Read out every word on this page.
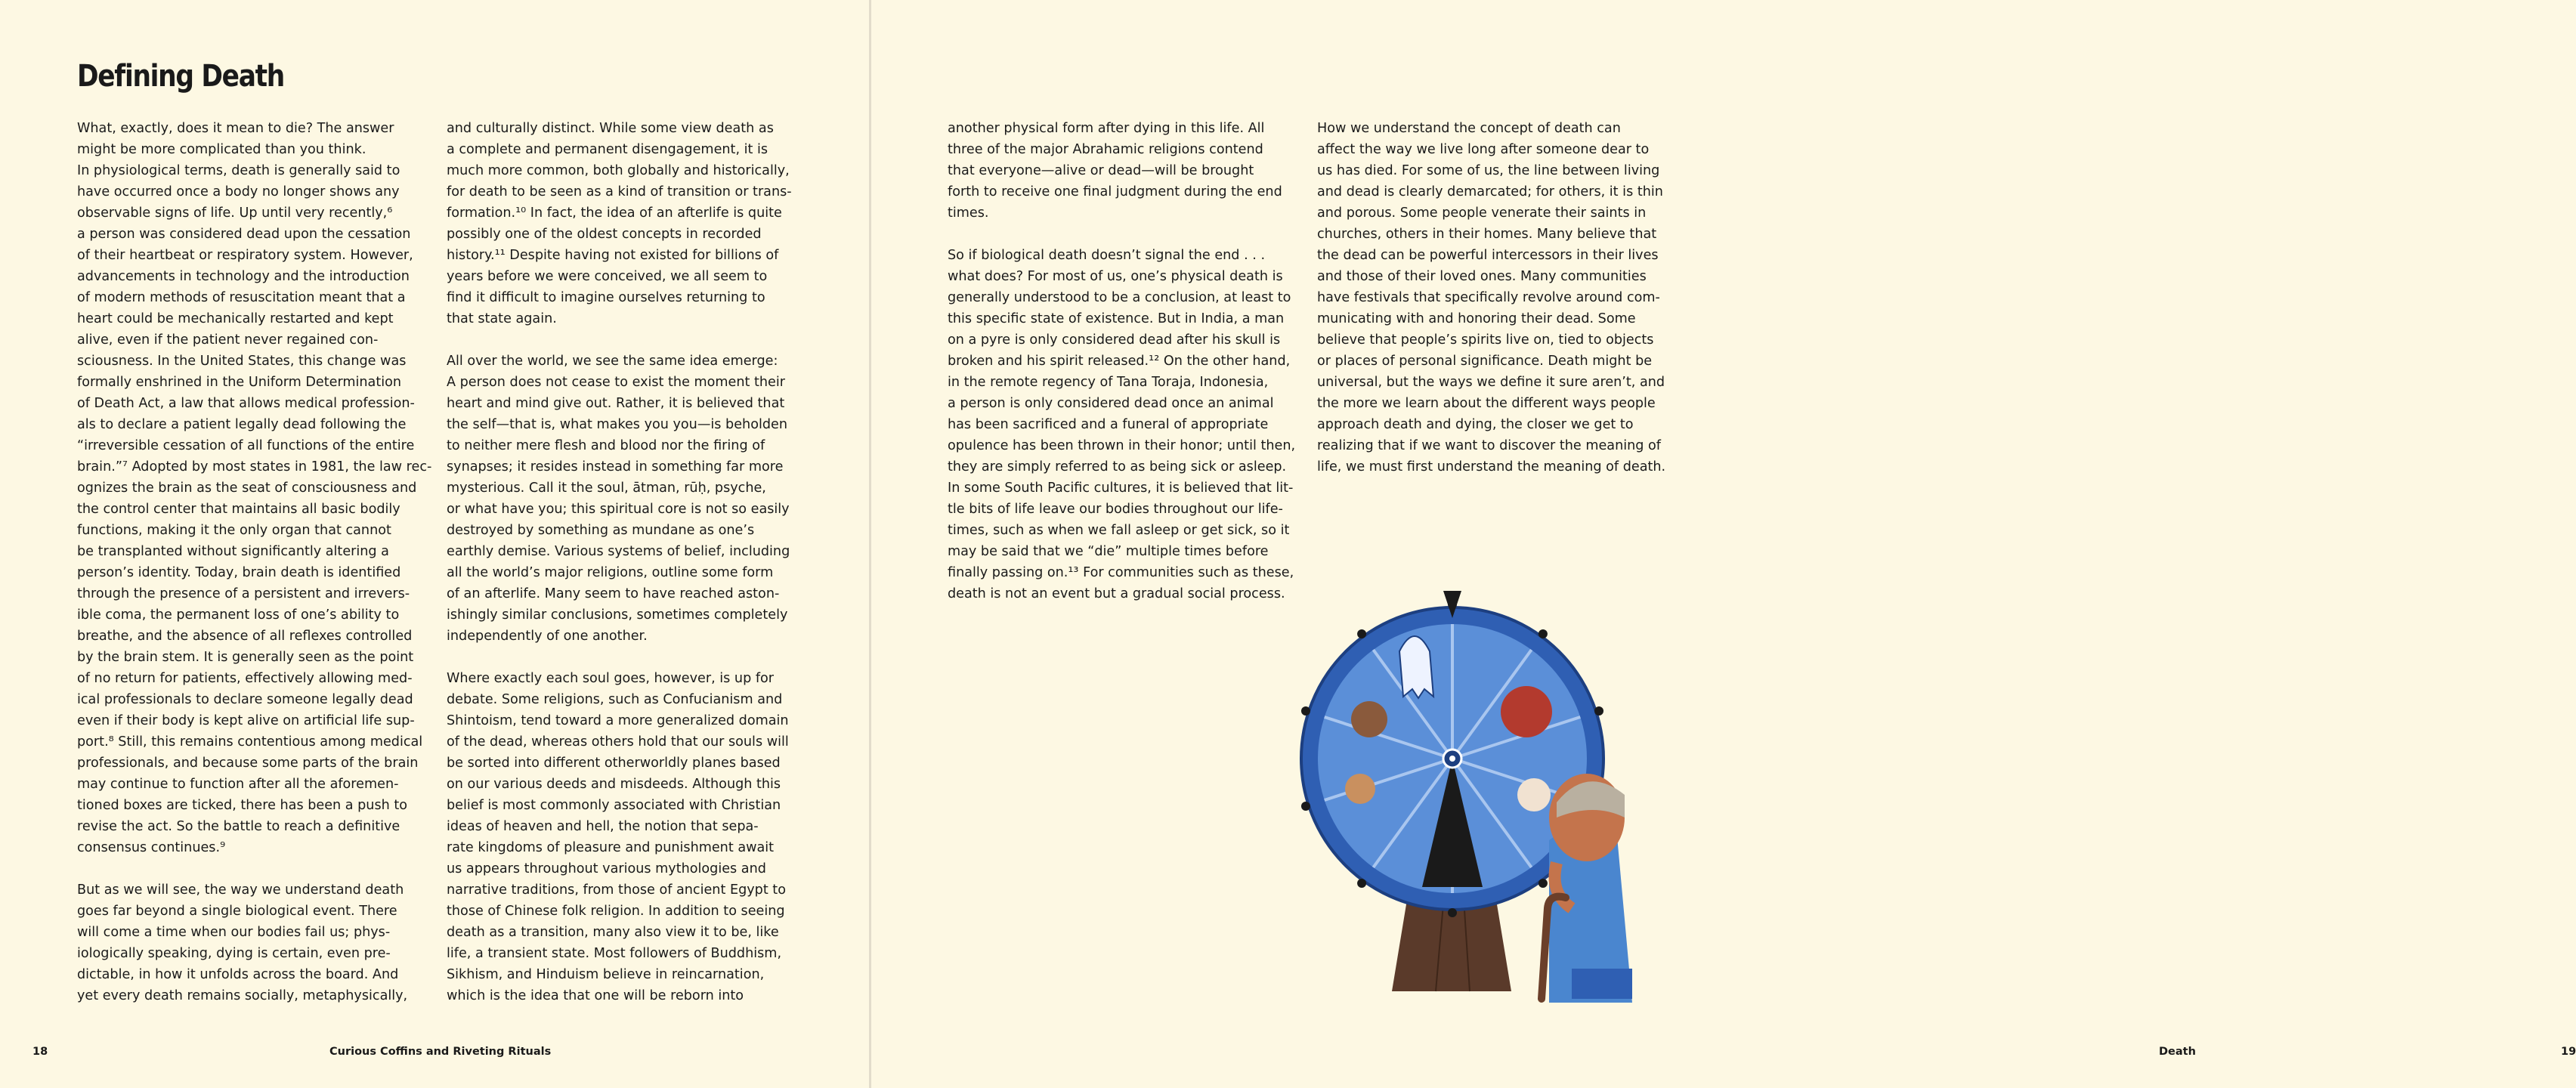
Defining Death

What, exactly, does it mean to die? The answer
might be more complicated than you think.
In physiological terms, death is generally said to
have occurred once a body no longer shows any
observable signs of life. Up until very recently,⁶
a person was considered dead upon the cessation
of their heartbeat or respiratory system. However,
advancements in technology and the introduction
of modern methods of resuscitation meant that a
heart could be mechanically restarted and kept
alive, even if the patient never regained con-
sciousness. In the United States, this change was
formally enshrined in the Uniform Determination
of Death Act, a law that allows medical profession-
als to declare a patient legally dead following the
“irreversible cessation of all functions of the entire
brain.”⁷ Adopted by most states in 1981, the law rec-
ognizes the brain as the seat of consciousness and
the control center that maintains all basic bodily
functions, making it the only organ that cannot
be transplanted without significantly altering a
person’s identity. Today, brain death is identified
through the presence of a persistent and irrevers-
ible coma, the permanent loss of one’s ability to
breathe, and the absence of all reflexes controlled
by the brain stem. It is generally seen as the point
of no return for patients, effectively allowing med-
ical professionals to declare someone legally dead
even if their body is kept alive on artificial life sup-
port.⁸ Still, this remains contentious among medical
professionals, and because some parts of the brain
may continue to function after all the aforemen-
tioned boxes are ticked, there has been a push to
revise the act. So the battle to reach a definitive
consensus continues.⁹

But as we will see, the way we understand death
goes far beyond a single biological event. There
will come a time when our bodies fail us; phys-
iologically speaking, dying is certain, even pre-
dictable, in how it unfolds across the board. And
yet every death remains socially, metaphysically,

and culturally distinct. While some view death as
a complete and permanent disengagement, it is
much more common, both globally and historically,
for death to be seen as a kind of transition or trans-
formation.¹⁰ In fact, the idea of an afterlife is quite
possibly one of the oldest concepts in recorded
history.¹¹ Despite having not existed for billions of
years before we were conceived, we all seem to
find it difficult to imagine ourselves returning to
that state again.

All over the world, we see the same idea emerge:
A person does not cease to exist the moment their
heart and mind give out. Rather, it is believed that
the self—that is, what makes you you—is beholden
to neither mere flesh and blood nor the firing of
synapses; it resides instead in something far more
mysterious. Call it the soul, ātman, rūḥ, psyche,
or what have you; this spiritual core is not so easily
destroyed by something as mundane as one’s
earthly demise. Various systems of belief, including
all the world’s major religions, outline some form
of an afterlife. Many seem to have reached aston-
ishingly similar conclusions, sometimes completely
independently of one another.

Where exactly each soul goes, however, is up for
debate. Some religions, such as Confucianism and
Shintoism, tend toward a more generalized domain
of the dead, whereas others hold that our souls will
be sorted into different otherworldly planes based
on our various deeds and misdeeds. Although this
belief is most commonly associated with Christian
ideas of heaven and hell, the notion that sepa-
rate kingdoms of pleasure and punishment await
us appears throughout various mythologies and
narrative traditions, from those of ancient Egypt to
those of Chinese folk religion. In addition to seeing
death as a transition, many also view it to be, like
life, a transient state. Most followers of Buddhism,
Sikhism, and Hinduism believe in reincarnation,
which is the idea that one will be reborn into

18	Curious Coffins and Riveting Rituals	Death	19

another physical form after dying in this life. All
three of the major Abrahamic religions contend
that everyone—alive or dead—will be brought
forth to receive one final judgment during the end
times.

So if biological death doesn’t signal the end . . .
what does? For most of us, one’s physical death is
generally understood to be a conclusion, at least to
this specific state of existence. But in India, a man
on a pyre is only considered dead after his skull is
broken and his spirit released.¹² On the other hand,
in the remote regency of Tana Toraja, Indonesia,
a person is only considered dead once an animal
has been sacrificed and a funeral of appropriate
opulence has been thrown in their honor; until then,
they are simply referred to as being sick or asleep.
In some South Pacific cultures, it is believed that lit-
tle bits of life leave our bodies throughout our life-
times, such as when we fall asleep or get sick, so it
may be said that we “die” multiple times before
finally passing on.¹³ For communities such as these,
death is not an event but a gradual social process.

How we understand the concept of death can
affect the way we live long after someone dear to
us has died. For some of us, the line between living
and dead is clearly demarcated; for others, it is thin
and porous. Some people venerate their saints in
churches, others in their homes. Many believe that
the dead can be powerful intercessors in their lives
and those of their loved ones. Many communities
have festivals that specifically revolve around com-
municating with and honoring their dead. Some
believe that people’s spirits live on, tied to objects
or places of personal significance. Death might be
universal, but the ways we define it sure aren’t, and
the more we learn about the different ways people
approach death and dying, the closer we get to
realizing that if we want to discover the meaning of
life, we must first understand the meaning of death.
